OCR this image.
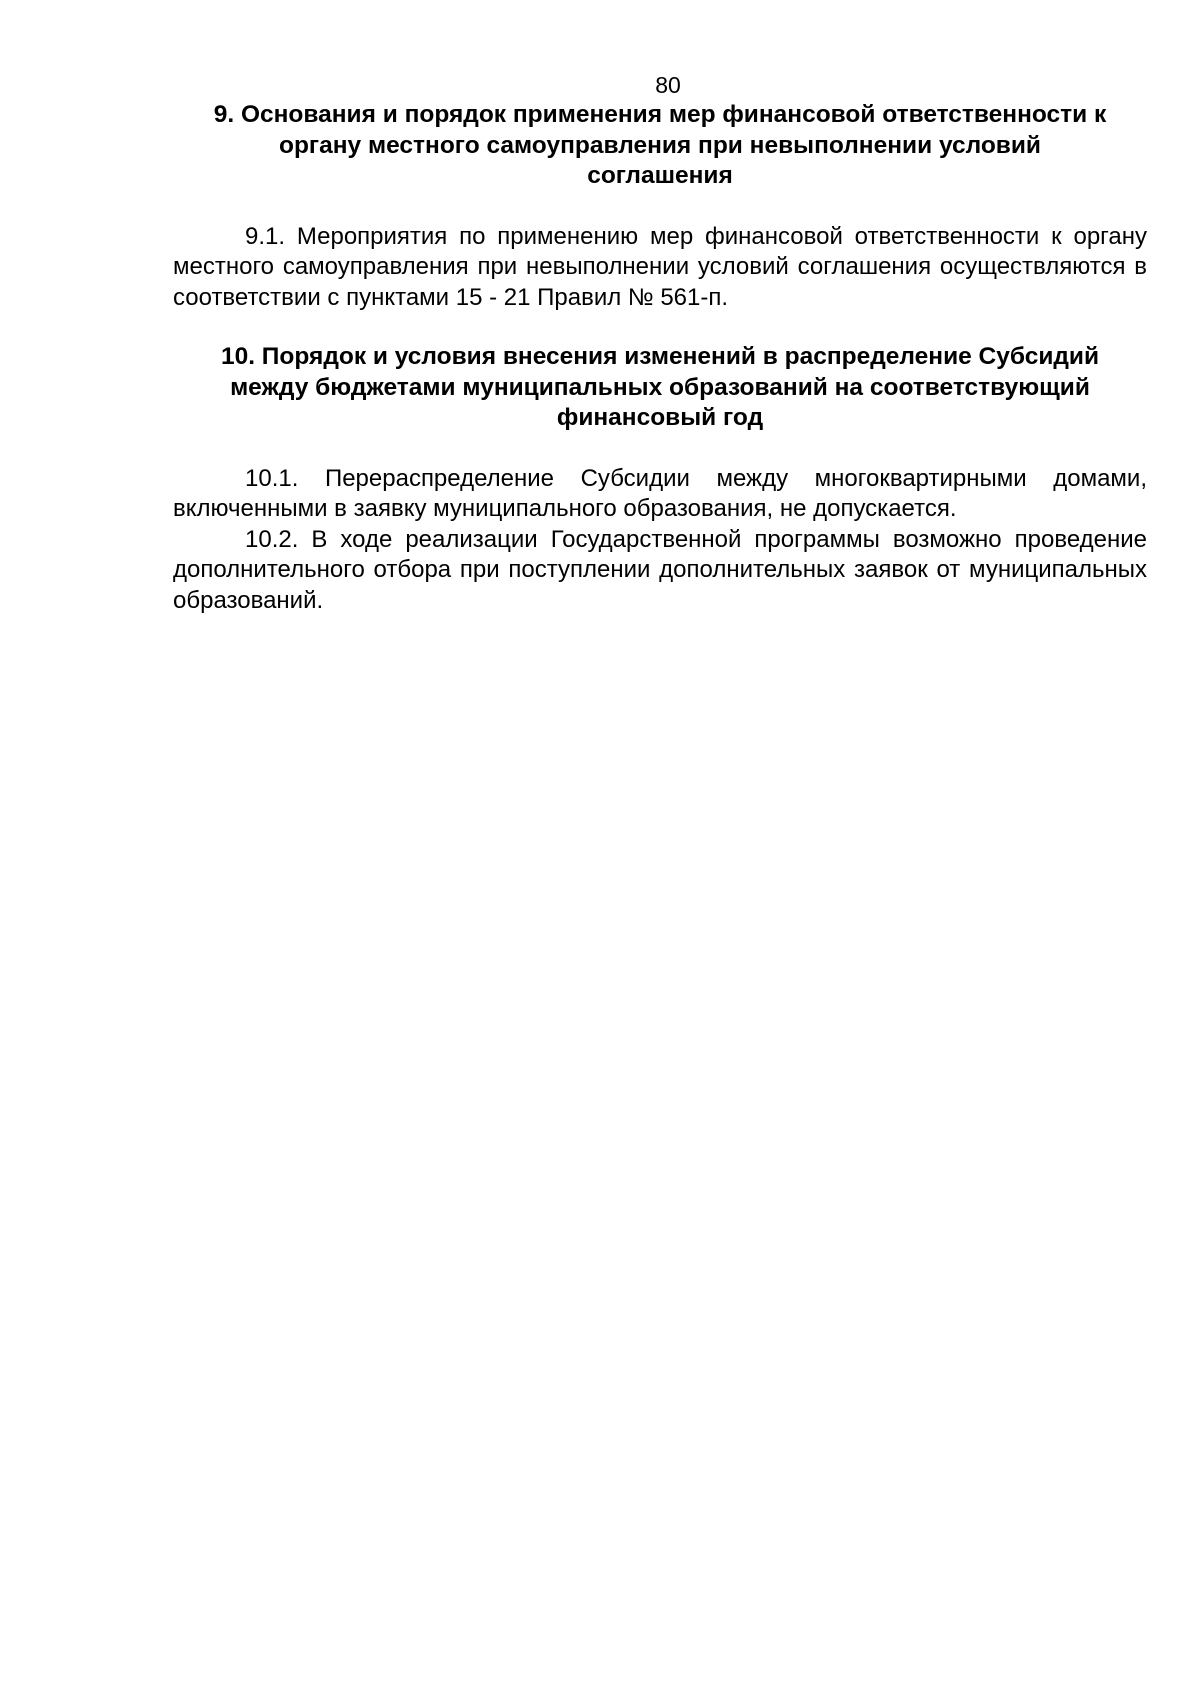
80

9. Основания и порядок применения мер финансовой ответственности к
органу местного самоуправления при невыполнении условий
соглашения

9.1. Мероприятия по применению мер финансовой ответственности к органу местного самоуправления при невыполнении условий соглашения осуществляются в соответствии с пунктами 15 - 21 Правил № 561-п.

10. Порядок и условия внесения изменений в распределение Субсидий
между бюджетами муниципальных образований на соответствующий
финансовый год

10.1. Перераспределение Субсидии между многоквартирными домами, включенными в заявку муниципального образования, не допускается.

10.2. В ходе реализации Государственной программы возможно проведение дополнительного отбора при поступлении дополнительных заявок от муниципальных образований.
